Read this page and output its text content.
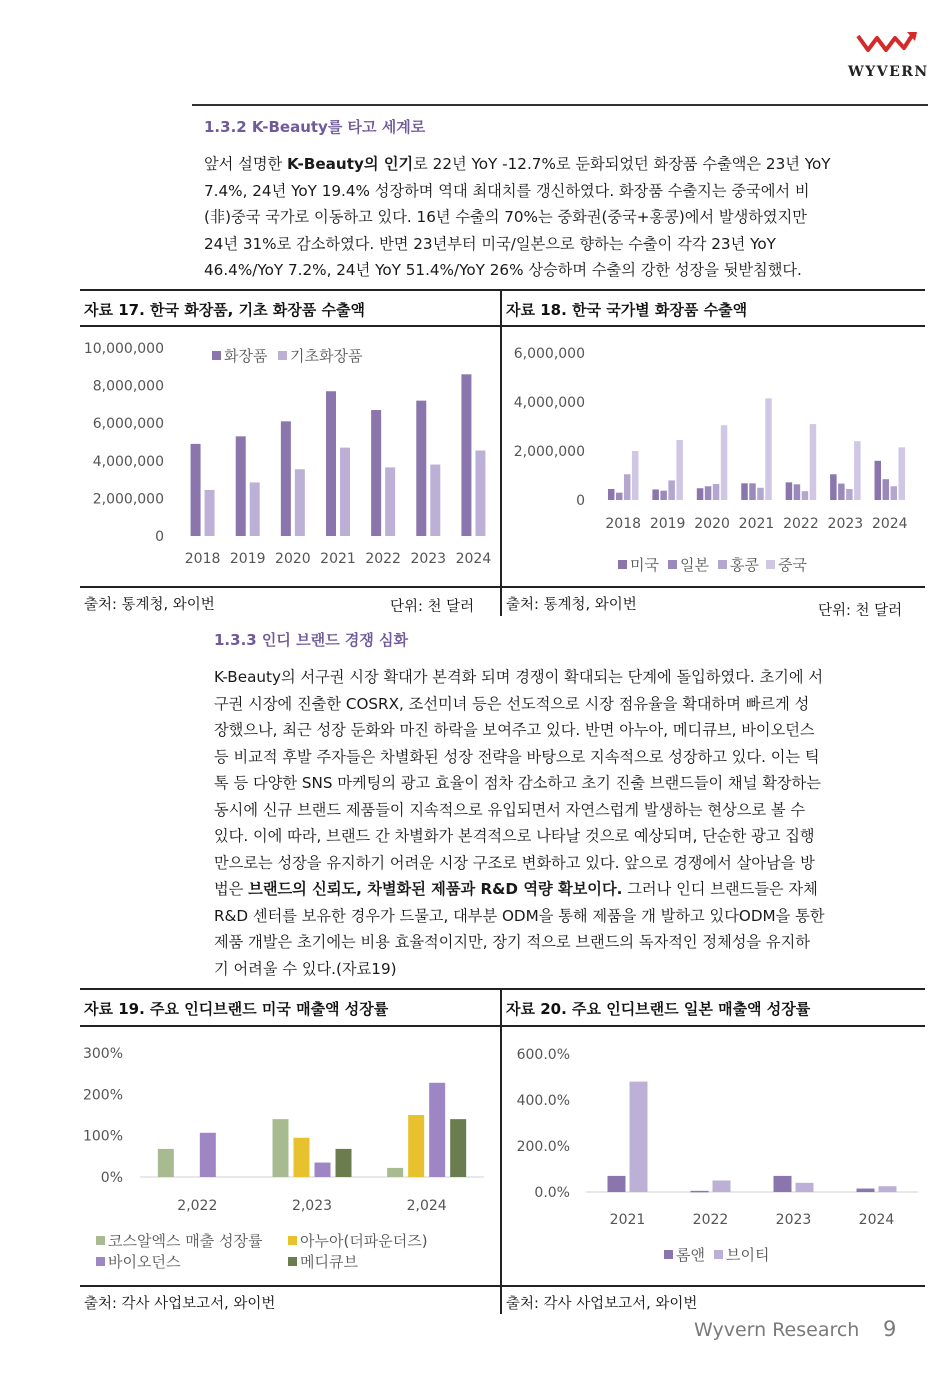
WYVERN
1.3.2 K-Beauty를 타고 세계로
앞서 설명한 K-Beauty의 인기로 22년 YoY -12.7%로 둔화되었던 화장품 수출액은 23년 YoY
7.4%, 24년 YoY 19.4% 성장하며 역대 최대치를 갱신하였다. 화장품 수출지는 중국에서 비
(非)중국 국가로 이동하고 있다. 16년 수출의 70%는 중화권(중국+홍콩)에서 발생하였지만
24년 31%로 감소하였다. 반면 23년부터 미국/일본으로 향하는 수출이 각각 23년 YoY
46.4%/YoY 7.2%, 24년 YoY 51.4%/YoY 26% 상승하며 수출의 강한 성장을 뒷받침했다.
자료 17. 한국 화장품, 기초 화장품 수출액	자료 18. 한국 국가별 화장품 수출액
0
2,000,000
4,000,000
6,000,000
8,000,000
10,000,000
2018 2019 2020 2021 2022 2023 2024
화장품 기초화장품
0
2,000,000
4,000,000
6,000,000
2018 2019 2020 2021 2022 2023 2024
미국 일본 홍콩 중국
출처: 통계청, 와이번	단위: 천 달러 출처: 통계청, 와이번	단위: 천 달러
1.3.3 인디 브랜드 경쟁 심화
K-Beauty의 서구권 시장 확대가 본격화 되며 경쟁이 확대되는 단계에 돌입하였다. 초기에 서
구권 시장에 진출한 COSRX, 조선미녀 등은 선도적으로 시장 점유율을 확대하며 빠르게 성
장했으나, 최근 성장 둔화와 마진 하락을 보여주고 있다. 반면 아누아, 메디큐브, 바이오던스
등 비교적 후발 주자들은 차별화된 성장 전략을 바탕으로 지속적으로 성장하고 있다. 이는 틱
톡 등 다양한 SNS 마케팅의 광고 효율이 점차 감소하고 초기 진출 브랜드들이 채널 확장하는
동시에 신규 브랜드 제품들이 지속적으로 유입되면서 자연스럽게 발생하는 현상으로 볼 수
있다. 이에 따라, 브랜드 간 차별화가 본격적으로 나타날 것으로 예상되며, 단순한 광고 집행
만으로는 성장을 유지하기 어려운 시장 구조로 변화하고 있다. 앞으로 경쟁에서 살아남을 방
법은 브랜드의 신뢰도, 차별화된 제품과 R&D 역량 확보이다. 그러나 인디 브랜드들은 자체
R&D 센터를 보유한 경우가 드물고, 대부분 ODM을 통해 제품을 개 발하고 있다ODM을 통한
제품 개발은 초기에는 비용 효율적이지만, 장기 적으로 브랜드의 독자적인 정체성을 유지하
기 어려울 수 있다.(자료19)
자료 19. 주요 인디브랜드 미국 매출액 성장률	자료 20. 주요 인디브랜드 일본 매출액 성장률
0%
100%
200%
300%
2,022	2,023	2,024
코스알엑스 매출 성장률	아누아(더파운더즈)
바이오던스	메디큐브
0.0%
200.0%
400.0%
600.0%
2021	2022	2023	2024
롬앤 브이티
출처: 각사 사업보고서, 와이번	출처: 각사 사업보고서, 와이번
Wyvern Research 9
